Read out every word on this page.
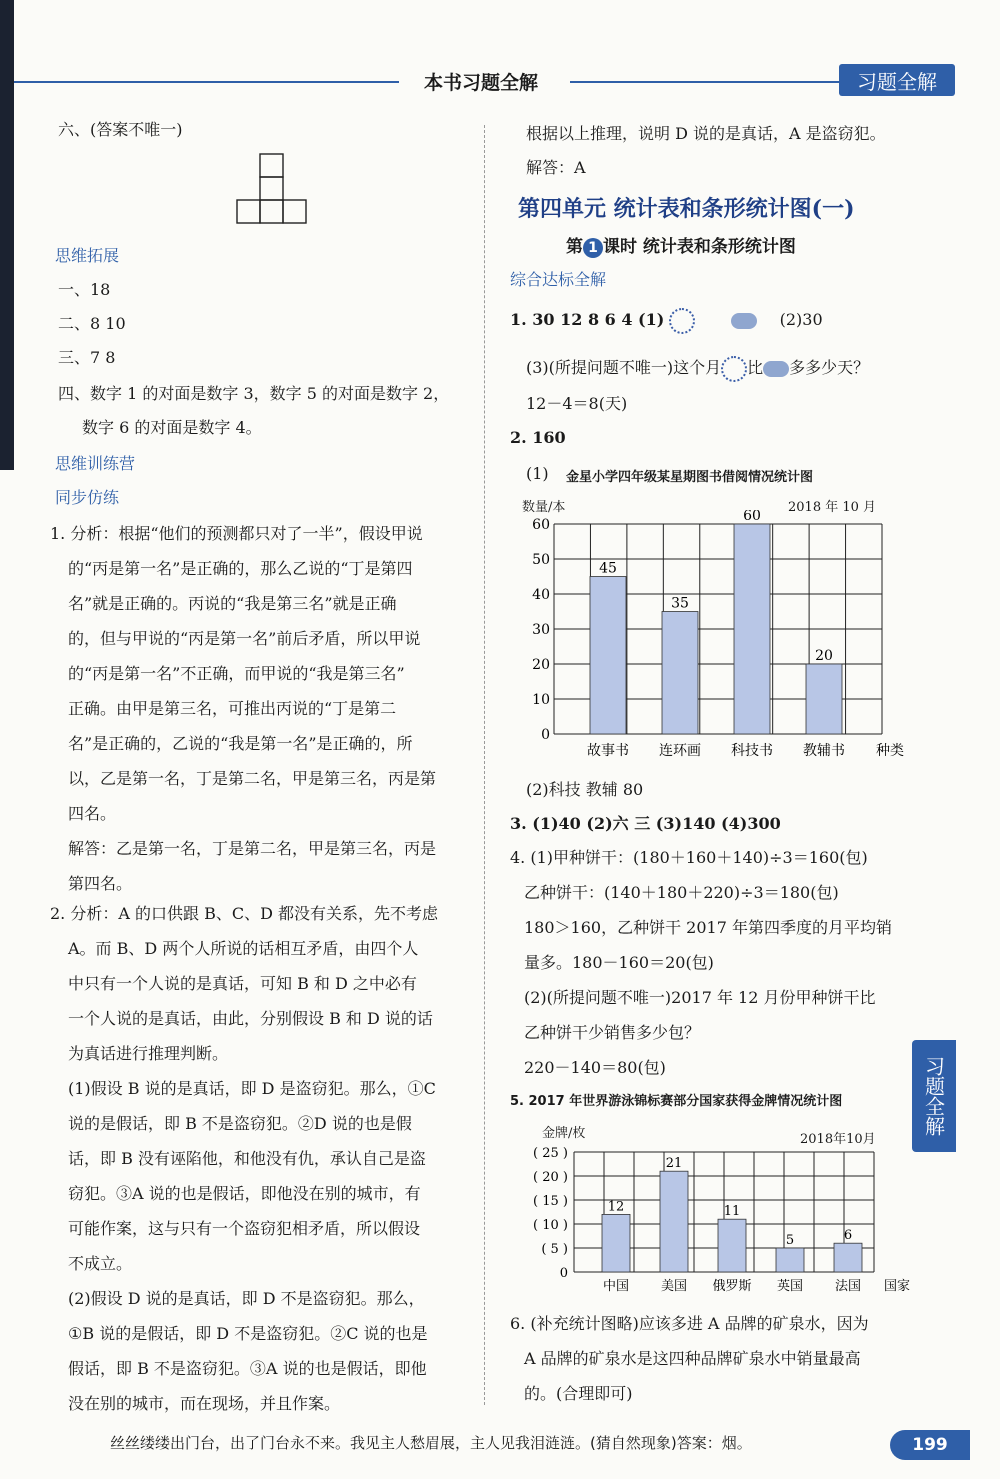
本书习题全解	习题全解
六、(答案不唯一)
思维拓展
一、18
二、8 10
三、7 8
四、数字 1 的对面是数字 3，数字 5 的对面是数字 2，
数字 6 的对面是数字 4。
思维训练营
同步仿练
1. 分析：根据“他们的预测都只对了一半”，假设甲说
的“丙是第一名”是正确的，那么乙说的“丁是第四
名”就是正确的。丙说的“我是第三名”就是正确
的，但与甲说的“丙是第一名”前后矛盾，所以甲说
的“丙是第一名”不正确，而甲说的“我是第三名”
正确。由甲是第三名，可推出丙说的“丁是第二
名”是正确的，乙说的“我是第一名”是正确的，所
以，乙是第一名，丁是第二名，甲是第三名，丙是第
四名。
解答：乙是第一名，丁是第二名，甲是第三名，丙是
第四名。
2. 分析：A 的口供跟 B、C、D 都没有关系，先不考虑
A。而 B、D 两个人所说的话相互矛盾，由四个人
中只有一个人说的是真话，可知 B 和 D 之中必有
一个人说的是真话，由此，分别假设 B 和 D 说的话
为真话进行推理判断。
(1)假设 B 说的是真话，即 D 是盗窃犯。那么，①C
说的是假话，即 B 不是盗窃犯。②D 说的也是假
话，即 B 没有诬陷他，和他没有仇，承认自己是盗
窃犯。③A 说的也是假话，即他没在别的城市，有
可能作案，这与只有一个盗窃犯相矛盾，所以假设
不成立。
(2)假设 D 说的是真话，即 D 不是盗窃犯。那么，
①B 说的是假话，即 D 不是盗窃犯。②C 说的也是
假话，即 B 不是盗窃犯。③A 说的也是假话，即他
没在别的城市，而在现场，并且作案。
根据以上推理，说明 D 说的是真话，A 是盗窃犯。
解答：A
第四单元 统计表和条形统计图(一)
第 1 课时 统计表和条形统计图
综合达标全解
1. 30 12 8 6 4 (1)	(2)30
(3)(所提问题不唯一)这个月 比 多多少天？
12－4＝8(天)
2. 160
(1) 金星小学四年级某星期图书借阅情况统计图
数量/本	2018 年 10 月
0
10
20
30
40
50
60
45
故事书
35
连环画
60
科技书
20
教辅书 种类
(2)科技 教辅 80
3. (1)40 (2)六 三 (3)140 (4)300
4. (1)甲种饼干：(180＋160＋140)÷3＝160(包)
乙种饼干：(140＋180＋220)÷3＝180(包)
180＞160，乙种饼干 2017 年第四季度的月平均销
量多。180－160＝20(包)
(2)(所提问题不唯一)2017 年 12 月份甲种饼干比
乙种饼干少销售多少包？
220－140＝80(包)
5. 2017 年世界游泳锦标赛部分国家获得金牌情况统计图
金牌/枚	2018年10月
0
( 5 )
( 10 )
( 15 )
( 20 )
( 25 )
12
中国
21
美国
11
俄罗斯
5
英国
6
法国 国家
6. (补充统计图略)应该多进 A 品牌的矿泉水，因为
A 品牌的矿泉水是这四种品牌矿泉水中销量最高
的。(合理即可)
习题全解
丝丝缕缕出门台，出了门台永不来。我见主人愁眉展，主人见我泪涟涟。(猜自然现象)答案：烟。	199
